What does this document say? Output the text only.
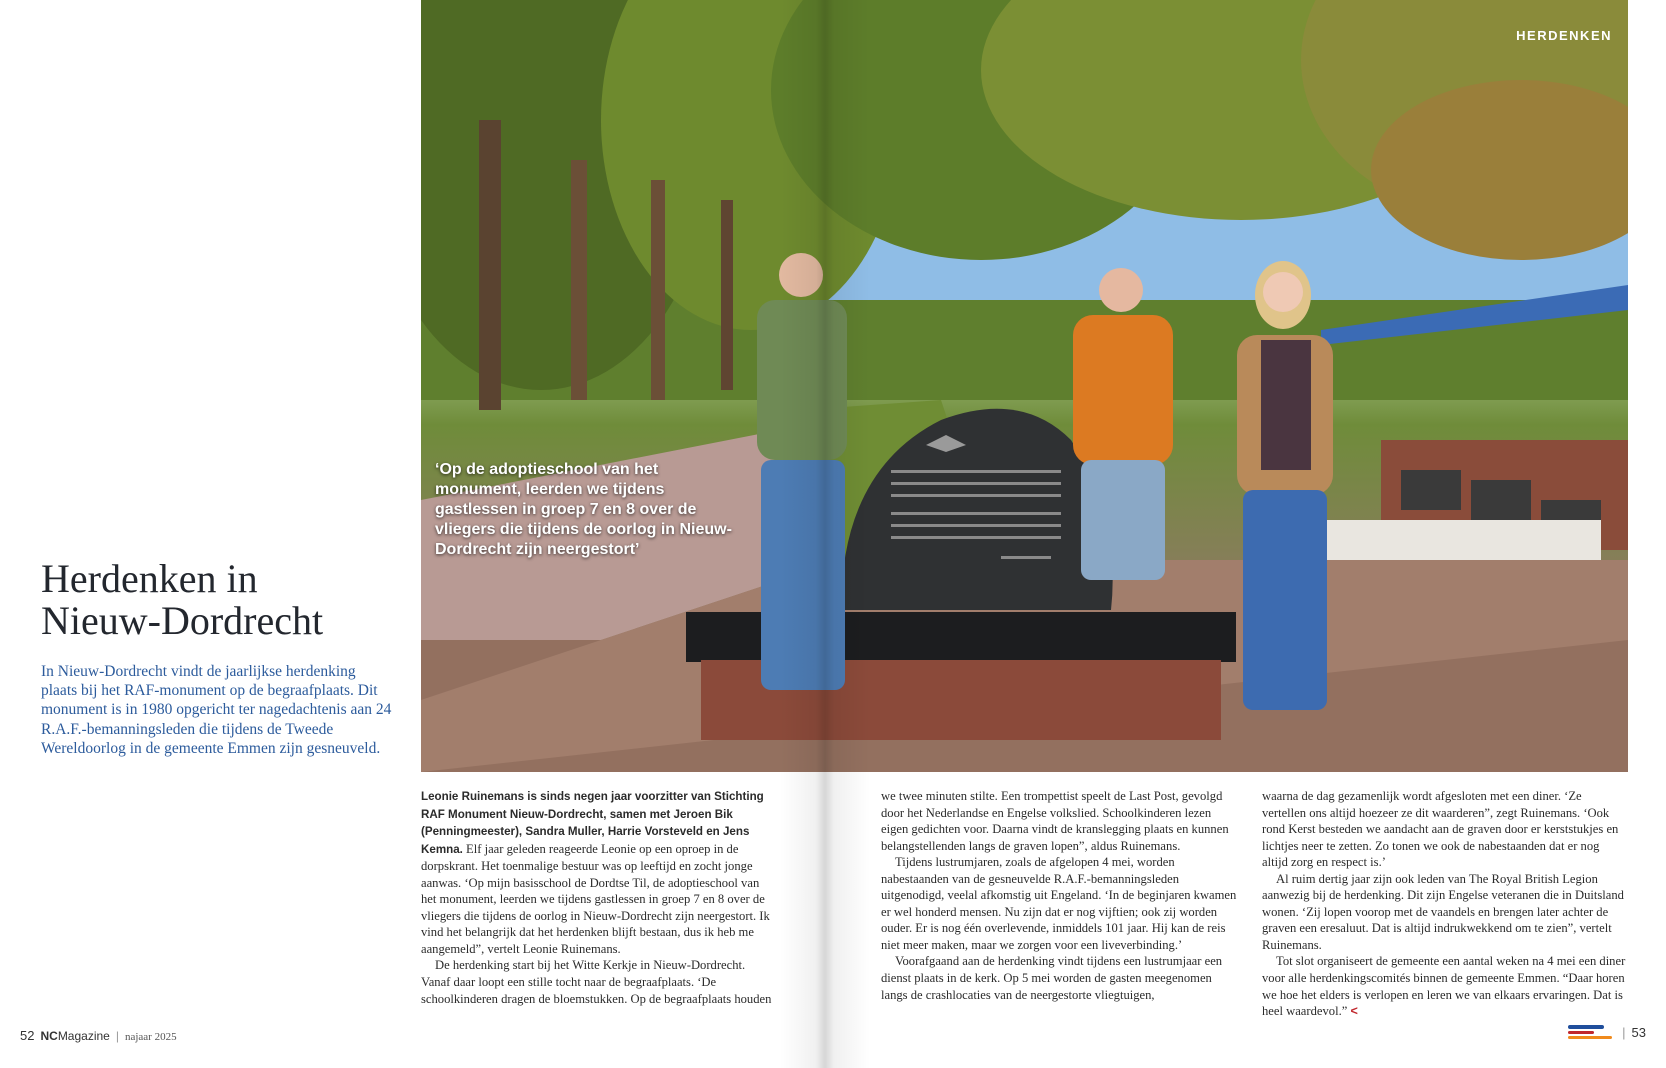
HERDENKEN
‘Op de adoptieschool van het monument, leerden we tijdens gastlessen in groep 7 en 8 over de vliegers die tijdens de oorlog in Nieuw-Dordrecht zijn neergestort’
Herdenken in
Nieuw-Dordrecht
In Nieuw-Dordrecht vindt de jaarlijkse herdenking plaats bij het RAF-monument op de begraafplaats. Dit monument is in 1980 opgericht ter nagedachtenis aan 24 R.A.F.-bemanningsleden die tijdens de Tweede Wereldoorlog in de gemeente Emmen zijn gesneuveld.

Leonie Ruinemans is sinds negen jaar voorzitter van Stichting RAF Monument Nieuw-Dordrecht, samen met Jeroen Bik (Penningmeester), Sandra Muller, Harrie Vorsteveld en Jens Kemna. Elf jaar geleden reageerde Leonie op een oproep in de dorpskrant. Het toenmalige bestuur was op leeftijd en zocht jonge aanwas. ‘Op mijn basisschool de Dordtse Til, de adoptieschool van het monument, leerden we tijdens gastlessen in groep 7 en 8 over de vliegers die tijdens de oorlog in Nieuw-Dordrecht zijn neergestort. Ik vind het belangrijk dat het herdenken blijft bestaan, dus ik heb me aangemeld”, vertelt Leonie Ruinemans.

De herdenking start bij het Witte Kerkje in Nieuw-Dordrecht. Vanaf daar loopt een stille tocht naar de begraafplaats. ‘De schoolkinderen dragen de bloemstukken. Op de begraafplaats houden

we twee minuten stilte. Een trompettist speelt de Last Post, gevolgd door het Nederlandse en Engelse volkslied. Schoolkinderen lezen eigen gedichten voor. Daarna vindt de kranslegging plaats en kunnen belangstellenden langs de graven lopen”, aldus Ruinemans.

Tijdens lustrumjaren, zoals de afgelopen 4 mei, worden nabestaanden van de gesneuvelde R.A.F.-bemanningsleden uitgenodigd, veelal afkomstig uit Engeland. ‘In de beginjaren kwamen er wel honderd mensen. Nu zijn dat er nog vijftien; ook zij worden ouder. Er is nog één overlevende, inmiddels 101 jaar. Hij kan de reis niet meer maken, maar we zorgen voor een liveverbinding.’

Voorafgaand aan de herdenking vindt tijdens een lustrumjaar een dienst plaats in de kerk. Op 5 mei worden de gasten meegenomen langs de crashlocaties van de neergestorte vliegtuigen,

waarna de dag gezamenlijk wordt afgesloten met een diner. ‘Ze vertellen ons altijd hoezeer ze dit waarderen”, zegt Ruinemans. ‘Ook rond Kerst besteden we aandacht aan de graven door er kerststukjes en lichtjes neer te zetten. Zo tonen we ook de nabestaanden dat er nog altijd zorg en respect is.’

Al ruim dertig jaar zijn ook leden van The Royal British Legion aanwezig bij de herdenking. Dit zijn Engelse veteranen die in Duitsland wonen. ‘Zij lopen voorop met de vaandels en brengen later achter de graven een eresaluut. Dat is altijd indrukwekkend om te zien”, vertelt Ruinemans.

Tot slot organiseert de gemeente een aantal weken na 4 mei een diner voor alle herdenkingscomités binnen de gemeente Emmen. “Daar horen we hoe het elders is verlopen en leren we van elkaars ervaringen. Dat is heel waardevol.” <

52 NCMagazine | najaar 2025	| 53
